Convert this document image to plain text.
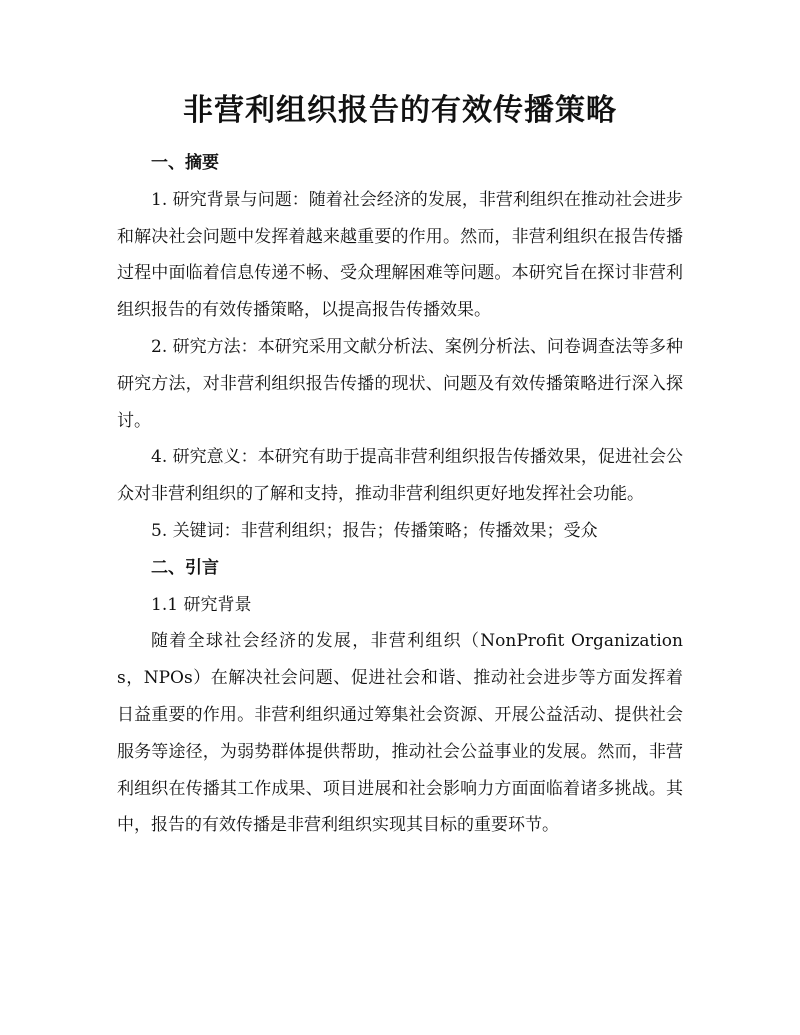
非营利组织报告的有效传播策略
一、摘要

1. 研究背景与问题：随着社会经济的发展，非营利组织在推动社会进步和解决社会问题中发挥着越来越重要的作用。然而，非营利组织在报告传播过程中面临着信息传递不畅、受众理解困难等问题。本研究旨在探讨非营利组织报告的有效传播策略，以提高报告传播效果。

2. 研究方法：本研究采用文献分析法、案例分析法、问卷调查法等多种研究方法，对非营利组织报告传播的现状、问题及有效传播策略进行深入探讨。

4. 研究意义：本研究有助于提高非营利组织报告传播效果，促进社会公众对非营利组织的了解和支持，推动非营利组织更好地发挥社会功能。

5. 关键词：非营利组织；报告；传播策略；传播效果；受众

二、引言

1.1 研究背景

随着全球社会经济的发展，非营利组织（NonProfit Organizations，NPOs）在解决社会问题、促进社会和谐、推动社会进步等方面发挥着日益重要的作用。非营利组织通过筹集社会资源、开展公益活动、提供社会服务等途径，为弱势群体提供帮助，推动社会公益事业的发展。然而，非营利组织在传播其工作成果、项目进展和社会影响力方面面临着诸多挑战。其中，报告的有效传播是非营利组织实现其目标的重要环节。
